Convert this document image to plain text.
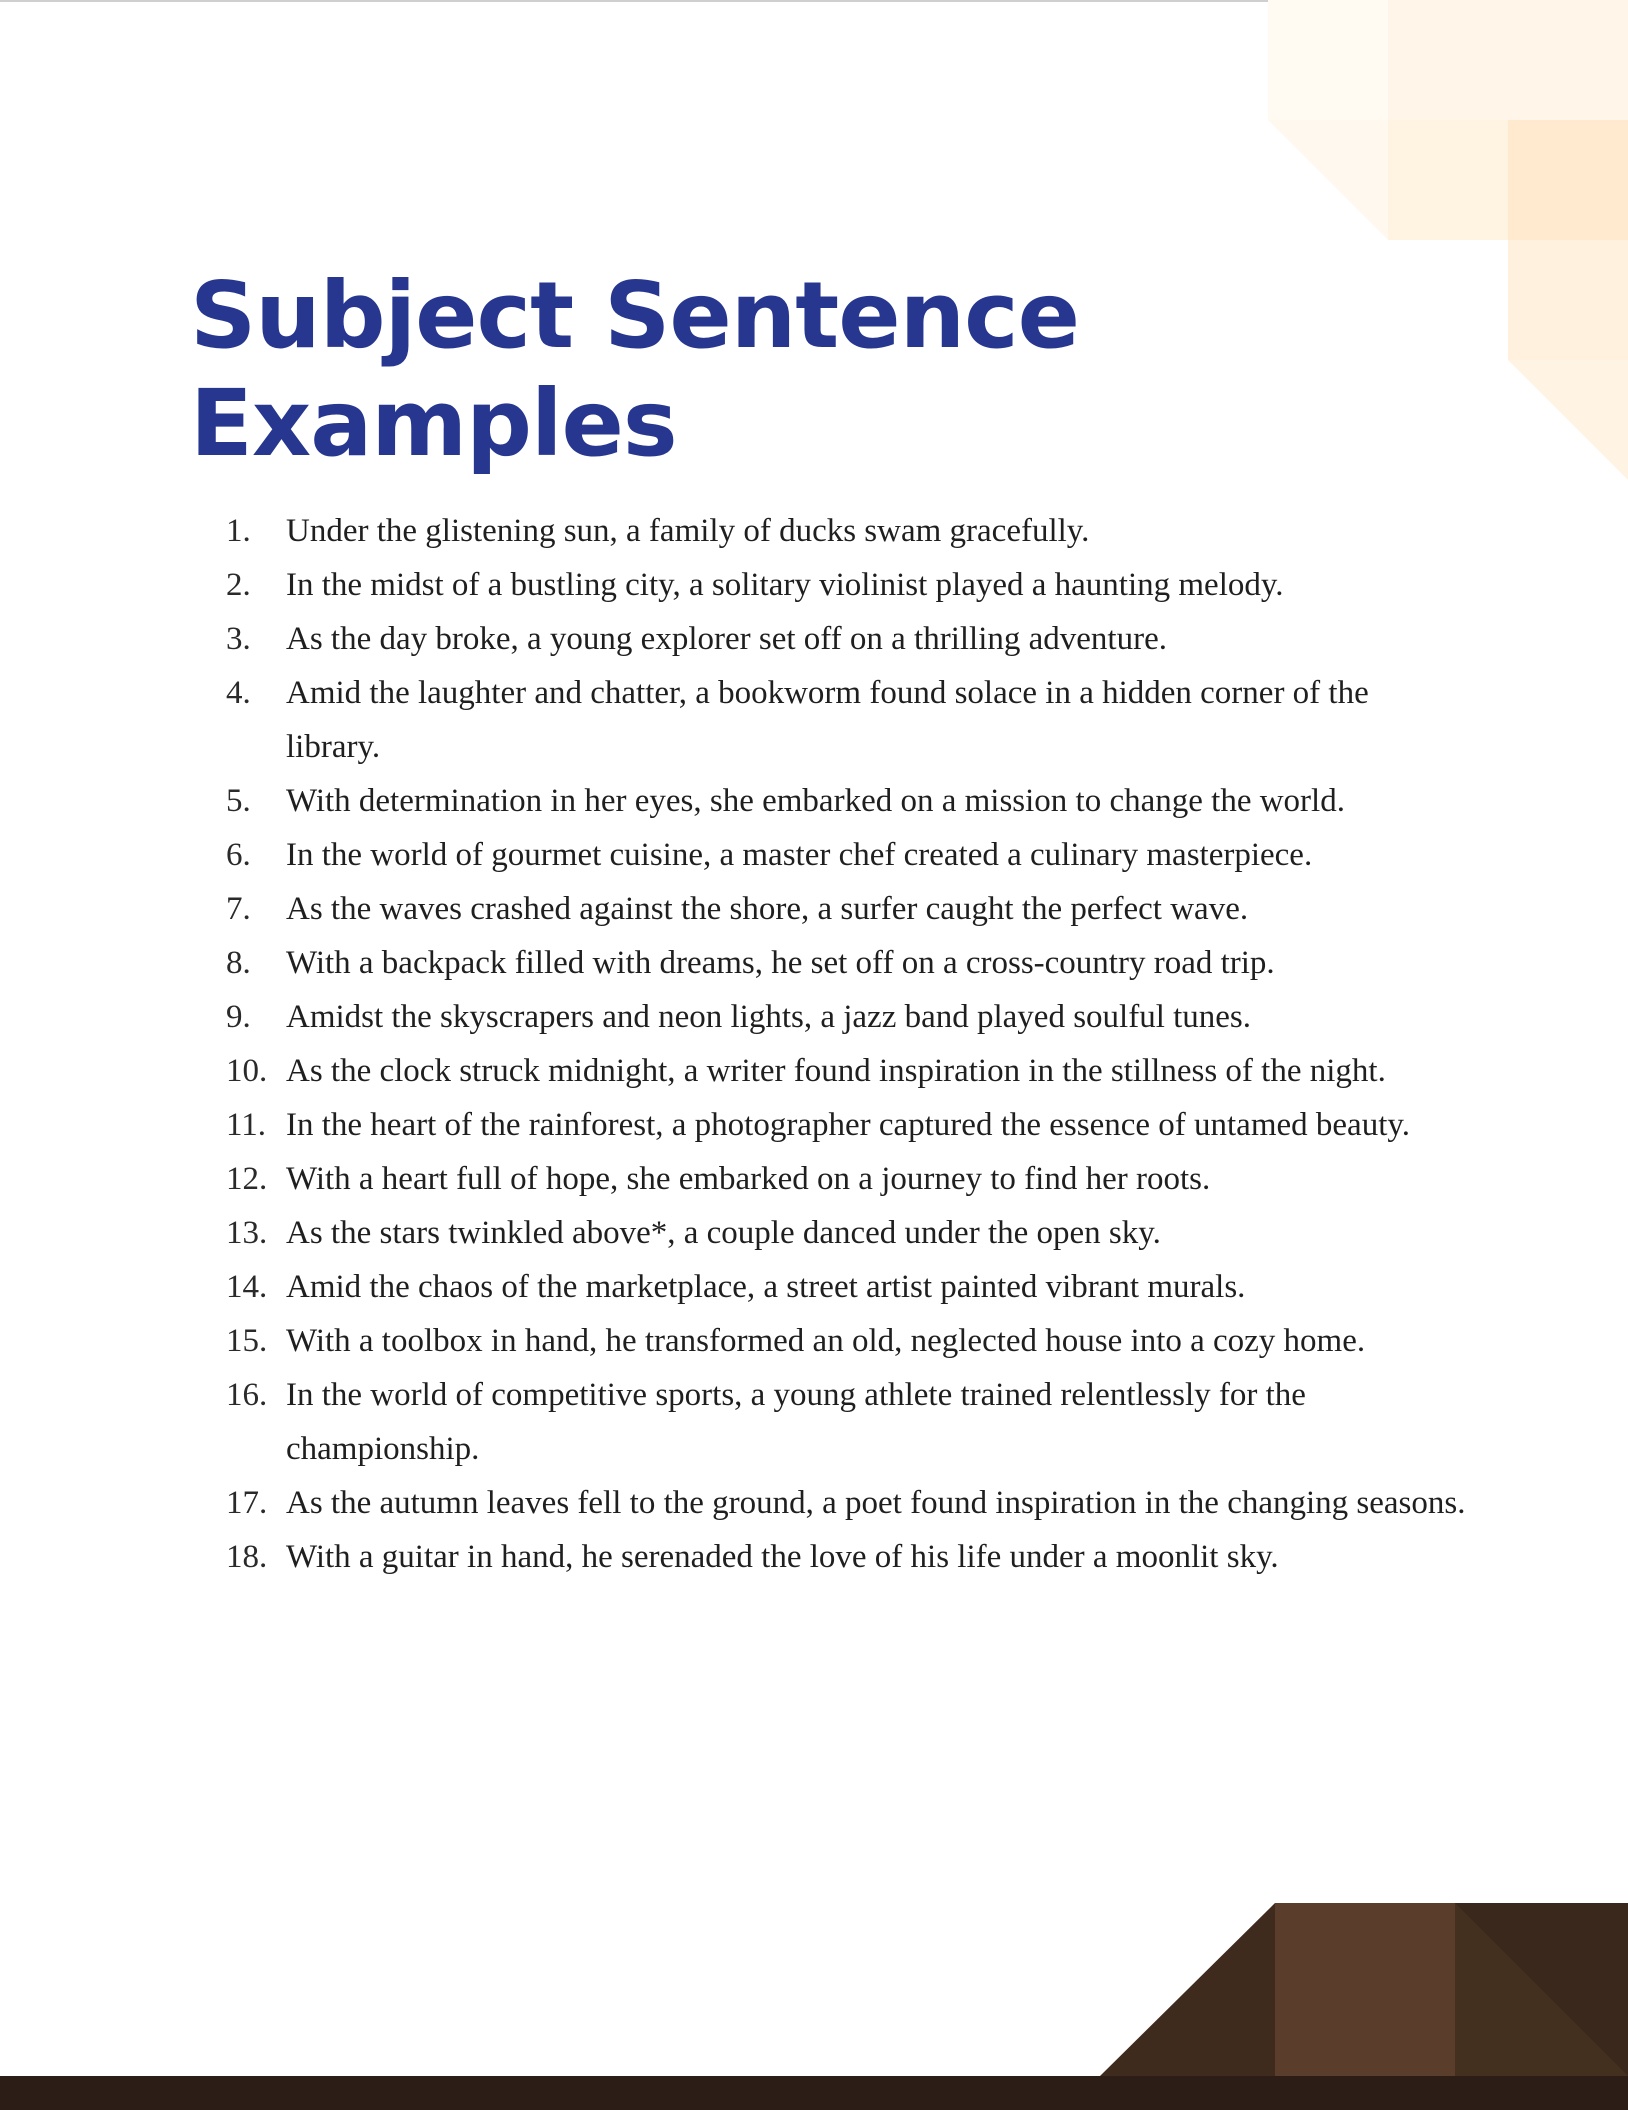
Subject Sentence Examples
1.	Under the glistening sun, a family of ducks swam gracefully.
2.	In the midst of a bustling city, a solitary violinist played a haunting melody.
3.	As the day broke, a young explorer set off on a thrilling adventure.
4.	Amid the laughter and chatter, a bookworm found solace in a hidden corner of the library.
5.	With determination in her eyes, she embarked on a mission to change the world.
6.	In the world of gourmet cuisine, a master chef created a culinary masterpiece.
7.	As the waves crashed against the shore, a surfer caught the perfect wave.
8.	With a backpack filled with dreams, he set off on a cross-country road trip.
9.	Amidst the skyscrapers and neon lights, a jazz band played soulful tunes.
10. As the clock struck midnight, a writer found inspiration in the stillness of the night.
11. In the heart of the rainforest, a photographer captured the essence of untamed beauty.
12. With a heart full of hope, she embarked on a journey to find her roots.
13. As the stars twinkled above*, a couple danced under the open sky.
14. Amid the chaos of the marketplace, a street artist painted vibrant murals.
15. With a toolbox in hand, he transformed an old, neglected house into a cozy home.
16. In the world of competitive sports, a young athlete trained relentlessly for the championship.
17. As the autumn leaves fell to the ground, a poet found inspiration in the changing seasons.
18. With a guitar in hand, he serenaded the love of his life under a moonlit sky.
